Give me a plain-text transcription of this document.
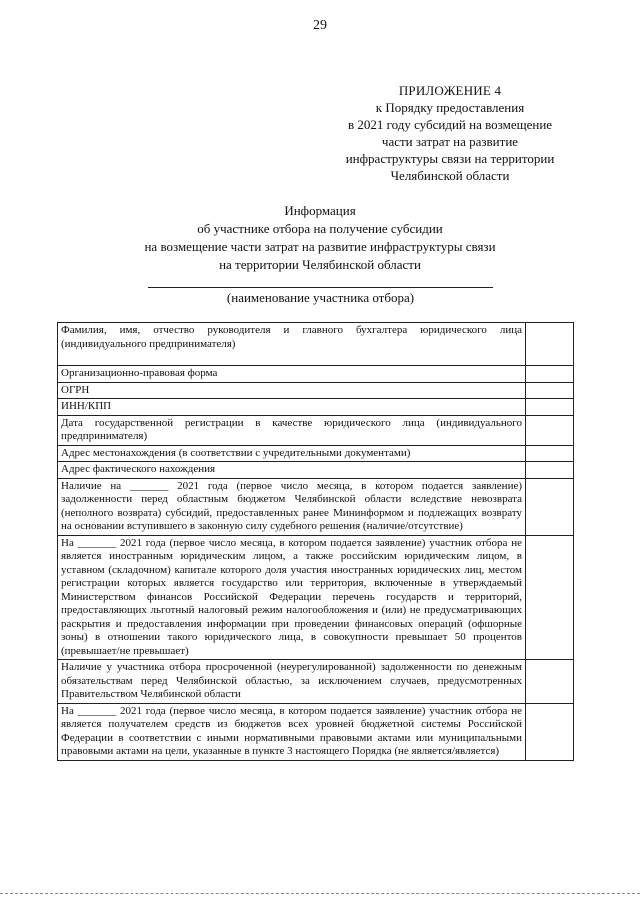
29
ПРИЛОЖЕНИЕ 4
к Порядку предоставления
в 2021 году субсидий на возмещение
части затрат на развитие
инфраструктуры связи на территории
Челябинской области
Информация
об участнике отбора на получение субсидии
на возмещение части затрат на развитие инфраструктуры связи
на территории Челябинской области
(наименование участника отбора)
Фамилия, имя, отчество руководителя и главного бухгалтера юридического лица (индивидуального предпринимателя)	

Организационно-правовая форма	
ОГРН	
ИНН/КПП	
Дата государственной регистрации в качестве юридического лица (индивидуального предпринимателя)	
Адрес местонахождения (в соответствии с учредительными документами)	
Адрес фактического нахождения	
Наличие на _______ 2021 года (первое число месяца, в котором подается заявление) задолженности перед областным бюджетом Челябинской области вследствие невозврата (неполного возврата) субсидий, предоставленных ранее Мининформом и подлежащих возврату на основании вступившего в законную силу судебного решения (наличие/отсутствие)	
На _______ 2021 года (первое число месяца, в котором подается заявление) участник отбора не является иностранным юридическим лицом, а также российским юридическим лицом, в уставном (складочном) капитале которого доля участия иностранных юридических лиц, местом регистрации которых является государство или территория, включенные в утверждаемый Министерством финансов Российской Федерации перечень государств и территорий, предоставляющих льготный налоговый режим налогообложения и (или) не предусматривающих раскрытия и предоставления информации при проведении финансовых операций (офшорные зоны) в отношении такого юридического лица, в совокупности превышает 50 процентов (превышает/не превышает)	
Наличие у участника отбора просроченной (неурегулированной) задолженности по денежным обязательствам перед Челябинской областью, за исключением случаев, предусмотренных Правительством Челябинской области	
На _______ 2021 года (первое число месяца, в котором подается заявление) участник отбора не является получателем средств из бюджетов всех уровней бюджетной системы Российской Федерации в соответствии с иными нормативными правовыми актами или муниципальными правовыми актами на цели, указанные в пункте 3 настоящего Порядка (не является/является)	
